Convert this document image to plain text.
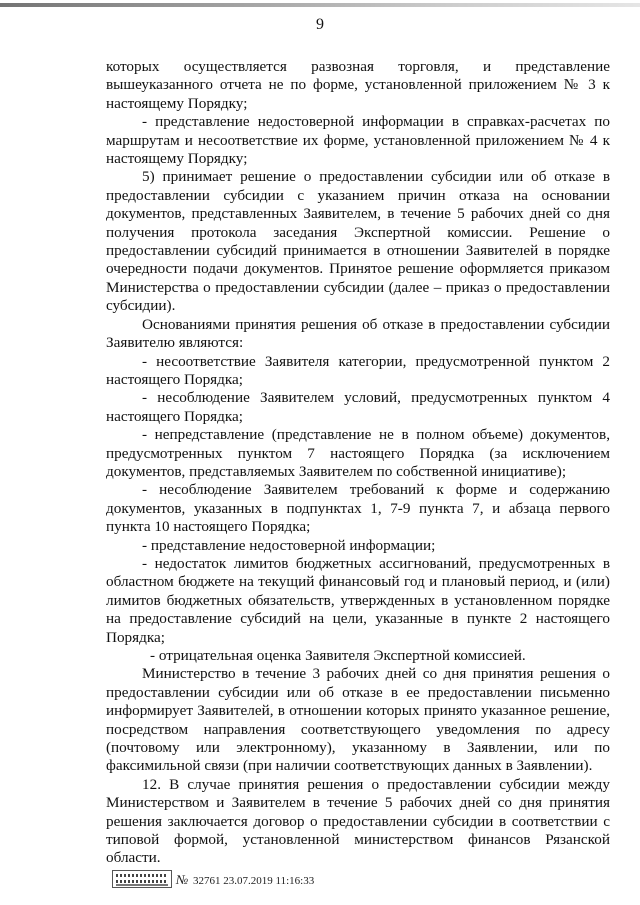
9

которых осуществляется развозная торговля, и представление вышеуказанного отчета не по форме, установленной приложением № 3 к настоящему Порядку;

- представление недостоверной информации в справках-расчетах по маршрутам и несоответствие их форме, установленной приложением № 4 к настоящему Порядку;

5) принимает решение о предоставлении субсидии или об отказе в предоставлении субсидии с указанием причин отказа на основании документов, представленных Заявителем, в течение 5 рабочих дней со дня получения протокола заседания Экспертной комиссии. Решение о предоставлении субсидий принимается в отношении Заявителей в порядке очередности подачи документов. Принятое решение оформляется приказом Министерства о предоставлении субсидии (далее – приказ о предоставлении субсидии).

Основаниями принятия решения об отказе в предоставлении субсидии Заявителю являются:

- несоответствие Заявителя категории, предусмотренной пунктом 2 настоящего Порядка;

- несоблюдение Заявителем условий, предусмотренных пунктом 4 настоящего Порядка;

- непредставление (представление не в полном объеме) документов, предусмотренных пунктом 7 настоящего Порядка (за исключением документов, представляемых Заявителем по собственной инициативе);

- несоблюдение Заявителем требований к форме и содержанию документов, указанных в подпунктах 1, 7-9 пункта 7, и абзаца первого пункта 10 настоящего Порядка;

- представление недостоверной информации;

- недостаток лимитов бюджетных ассигнований, предусмотренных в областном бюджете на текущий финансовый год и плановый период, и (или) лимитов бюджетных обязательств, утвержденных в установленном порядке на предоставление субсидий на цели, указанные в пункте 2 настоящего Порядка;

- отрицательная оценка Заявителя Экспертной комиссией.

Министерство в течение 3 рабочих дней со дня принятия решения о предоставлении субсидии или об отказе в ее предоставлении письменно информирует Заявителей, в отношении которых принято указанное решение, посредством направления соответствующего уведомления по адресу (почтовому или электронному), указанному в Заявлении, или по факсимильной связи (при наличии соответствующих данных в Заявлении).

12. В случае принятия решения о предоставлении субсидии между Министерством и Заявителем в течение 5 рабочих дней со дня принятия решения заключается договор о предоставлении субсидии в соответствии с типовой формой, установленной министерством финансов Рязанской области.

№ 32761 23.07.2019 11:16:33
